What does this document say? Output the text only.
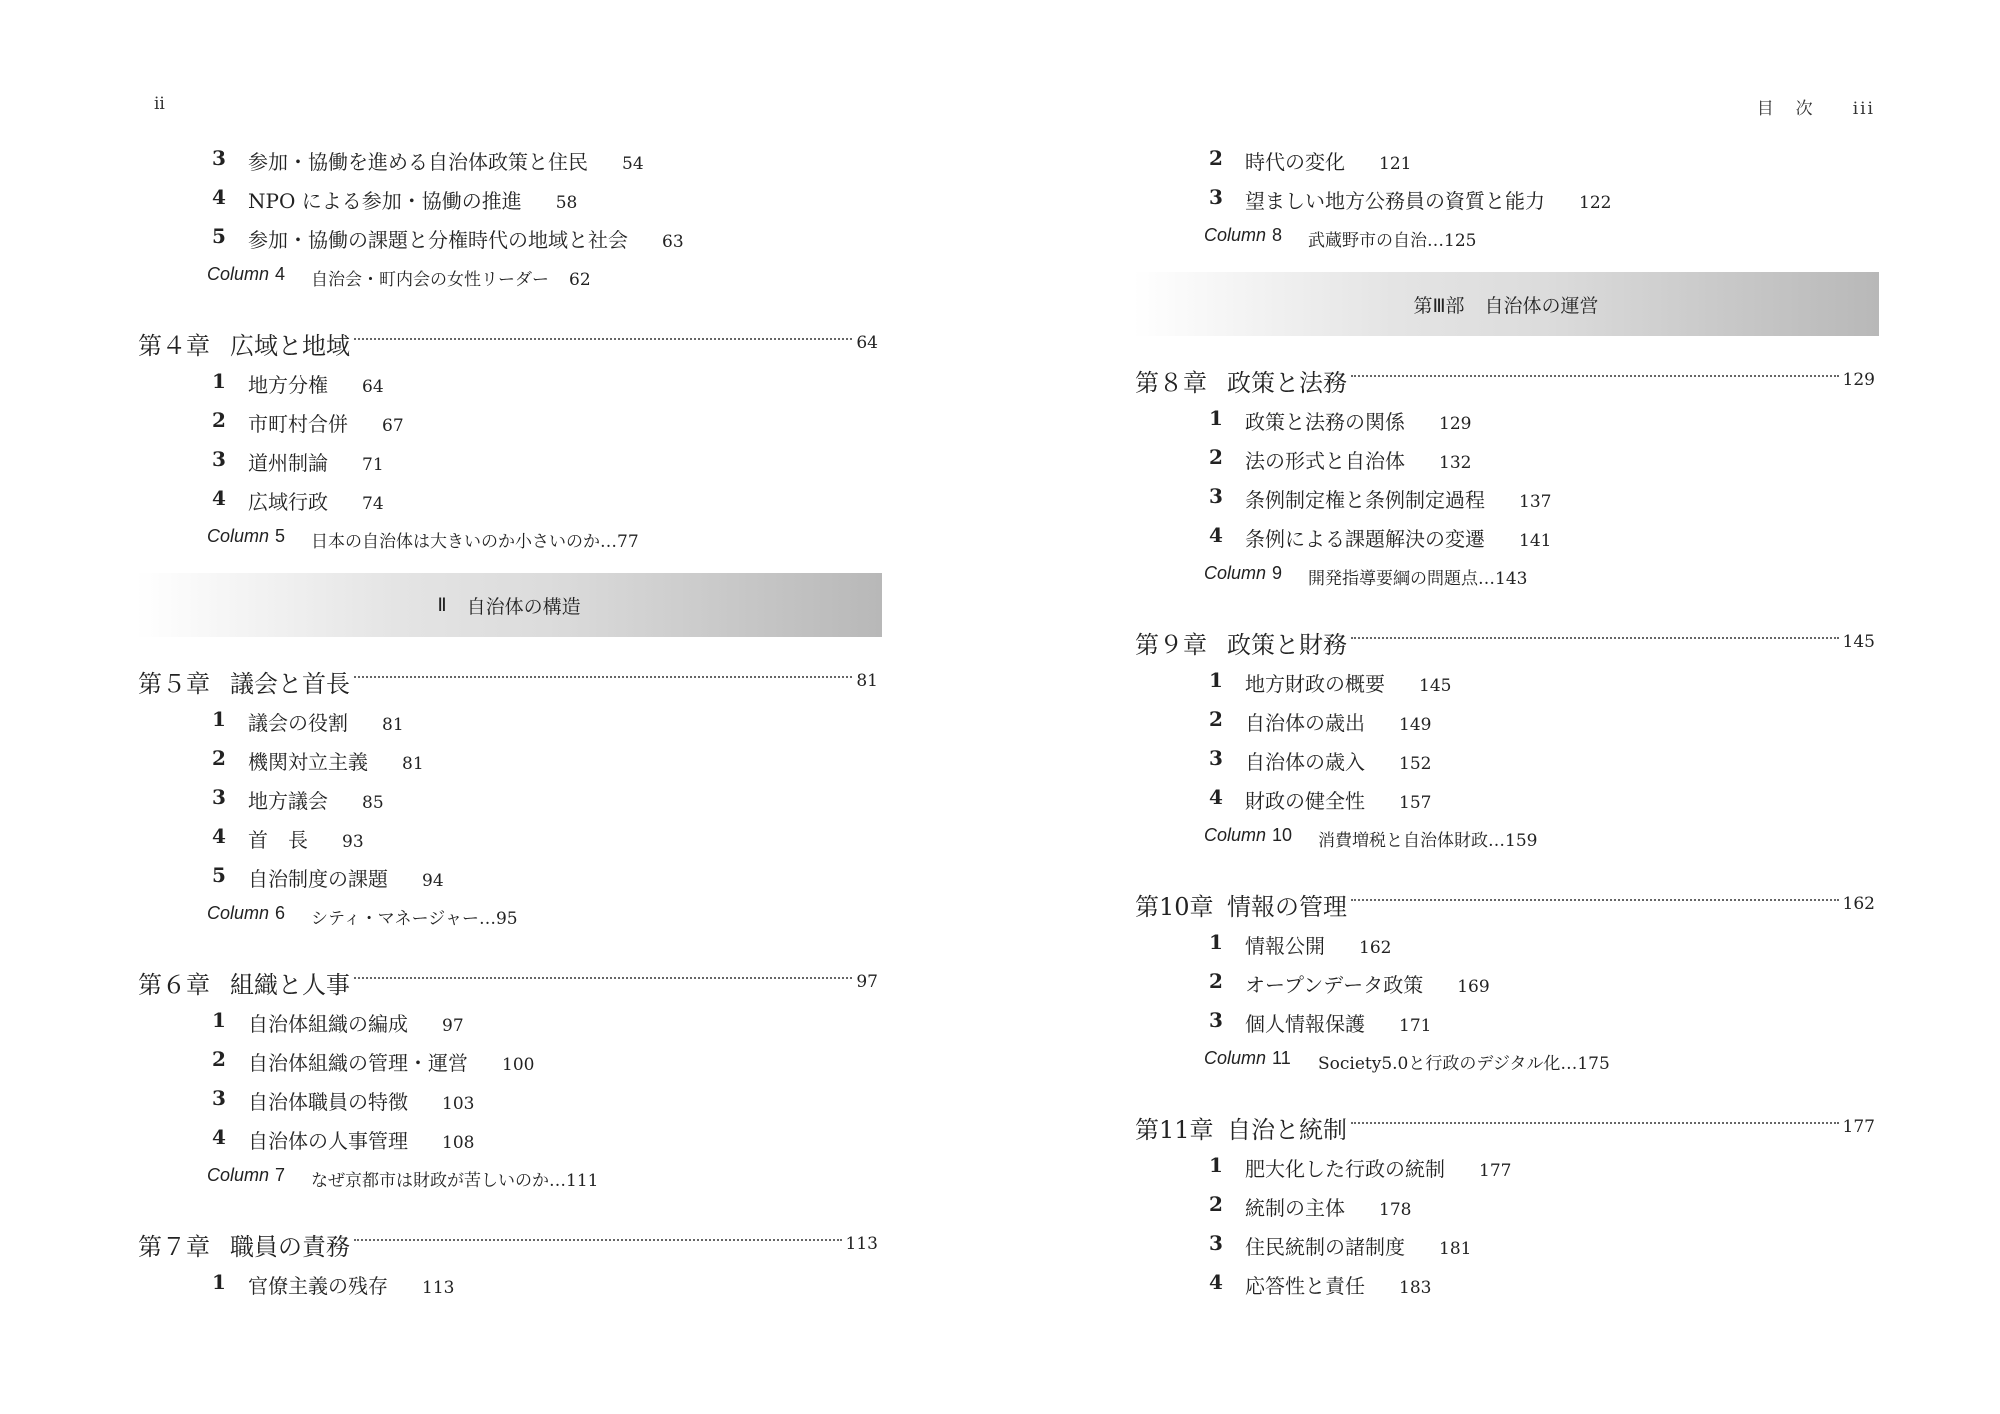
ii
3 参加・協働を進める自治体政策と住民 54
4 NPO による参加・協働の推進 58
5 参加・協働の課題と分権時代の地域と社会 63
Column 4 自治会・町内会の女性リーダー 62
第４章 広域と地域	64
1 地方分権 64
2 市町村合併 67
3 道州制論 71
4 広域行政 74
Column 5 日本の自治体は大きいのか小さいのか…77
Ⅱ 自治体の構造
第５章 議会と首長	81
1 議会の役割 81
2 機関対立主義 81
3 地方議会 85
4 首　長 93
5 自治制度の課題 94
Column 6 シティ・マネージャー…95
第６章 組織と人事	97
1 自治体組織の編成 97
2 自治体組織の管理・運営 100
3 自治体職員の特徴 103
4 自治体の人事管理 108
Column 7 なぜ京都市は財政が苦しいのか…111
第７章 職員の責務	113
1 官僚主義の残存 113
目次 iii
2 時代の変化 121
3 望ましい地方公務員の資質と能力 122
Column 8 武蔵野市の自治…125
第Ⅲ部 自治体の運営
第８章 政策と法務	129
1 政策と法務の関係 129
2 法の形式と自治体 132
3 条例制定権と条例制定過程 137
4 条例による課題解決の変遷 141
Column 9 開発指導要綱の問題点…143
第９章 政策と財務	145
1 地方財政の概要 145
2 自治体の歳出 149
3 自治体の歳入 152
4 財政の健全性 157
Column 10 消費増税と自治体財政…159
第10章 情報の管理	162
1 情報公開 162
2 オープンデータ政策 169
3 個人情報保護 171
Column 11 Society5.0と行政のデジタル化…175
第11章 自治と統制	177
1 肥大化した行政の統制 177
2 統制の主体 178
3 住民統制の諸制度 181
4 応答性と責任 183
